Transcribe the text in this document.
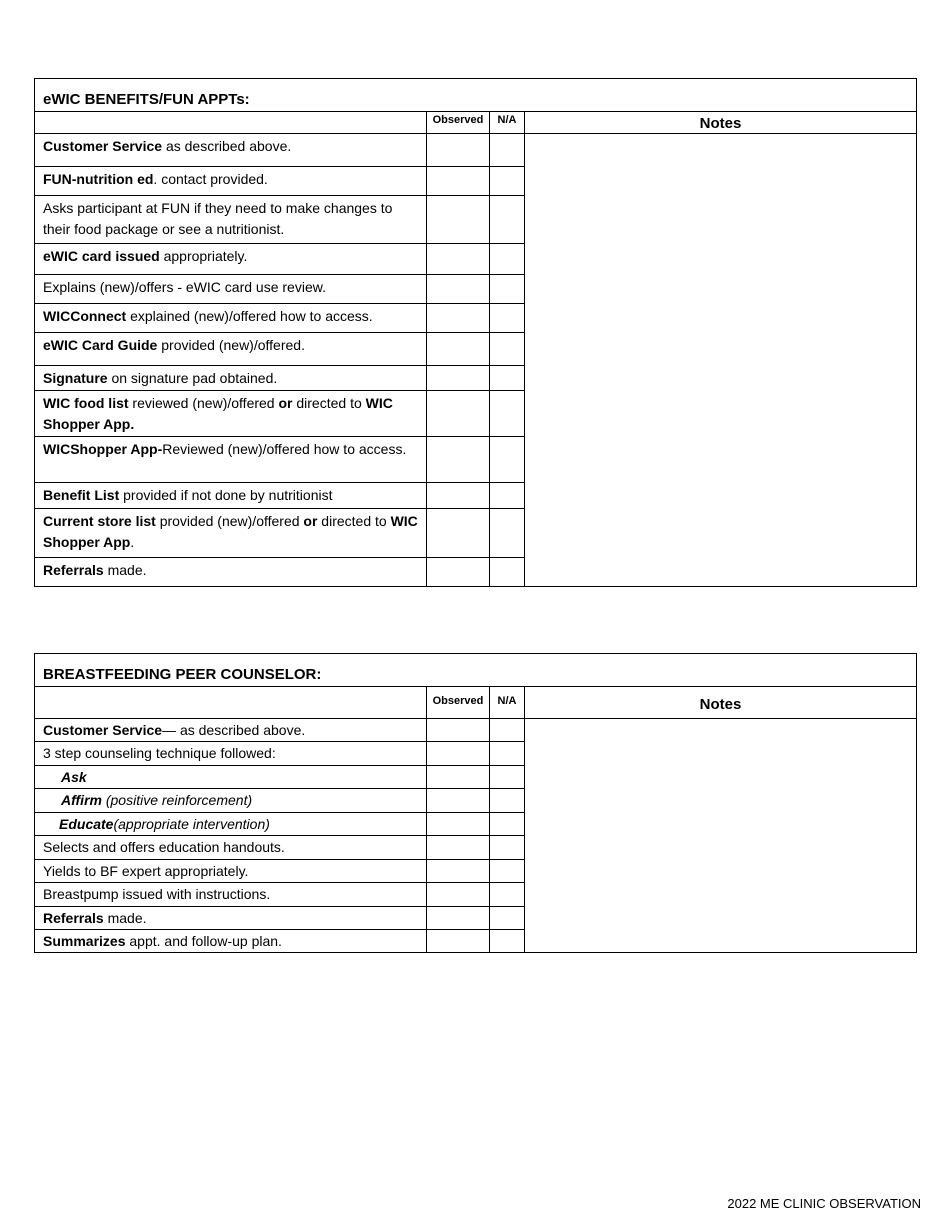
eWIC BENEFITS/FUN APPTs:			
	Observed	N/A	Notes
Customer Service as described above.			
FUN-nutrition ed. contact provided.			
Asks participant at FUN if they need to make changes to their food package or see a nutritionist.			
eWIC card issued appropriately.			
Explains (new)/offers - eWIC card use review.			
WICConnect explained (new)/offered how to access.			
eWIC Card Guide provided (new)/offered.			
Signature on signature pad obtained.			
WIC food list reviewed (new)/offered or directed to WIC Shopper App.			
WICShopper App-Reviewed (new)/offered how to access.			
Benefit List provided if not done by nutritionist			
Current store list provided (new)/offered or directed to WIC Shopper App.			
Referrals made.			
BREASTFEEDING PEER COUNSELOR:			
	Observed	N/A	Notes
Customer Service— as described above.			
3 step counseling technique followed:			
Ask			
Affirm (positive reinforcement)			
Educate(appropriate intervention)			
Selects and offers education handouts.			
Yields to BF expert appropriately.			
Breastpump issued with instructions.			
Referrals made.			
Summarizes appt. and follow-up plan.			
2022 ME CLINIC OBSERVATION
